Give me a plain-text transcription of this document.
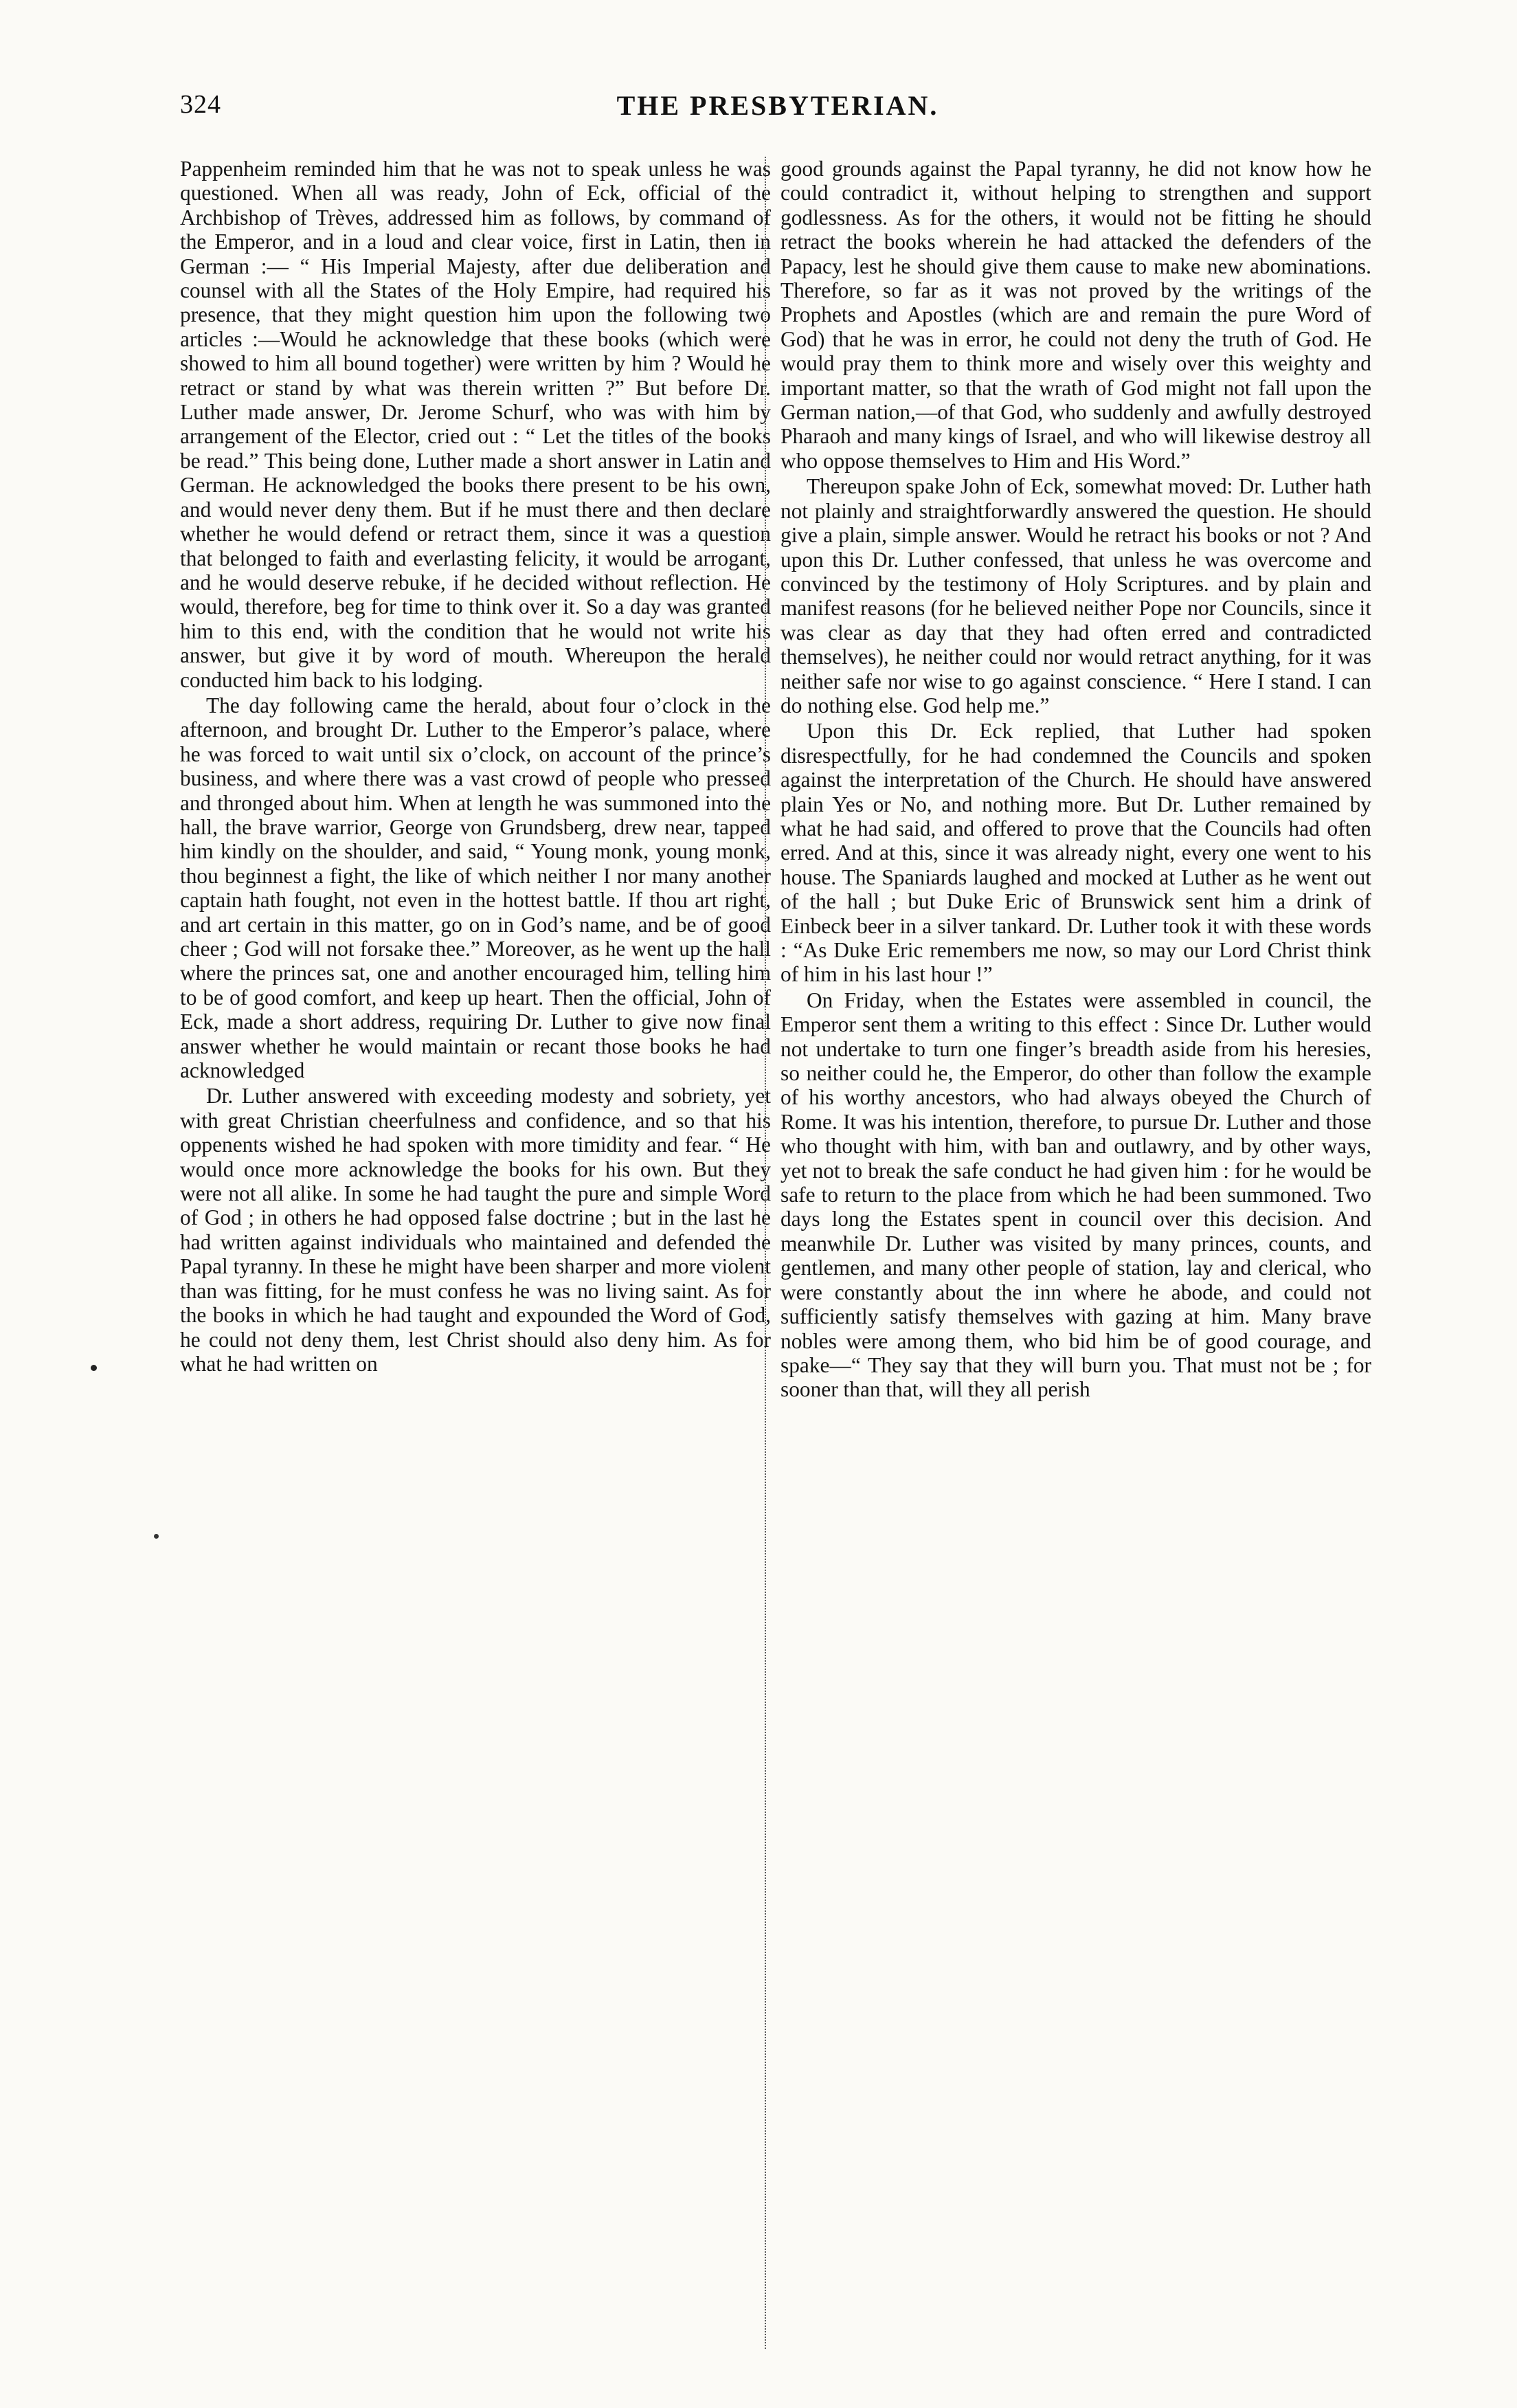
324	THE PRESBYTERIAN.

Pappenheim reminded him that he was not to speak unless he was questioned. When all was ready, John of Eck, official of the Archbishop of Trèves, addressed him as follows, by command of the Emperor, and in a loud and clear voice, first in Latin, then in German :— “ His Imperial Majesty, after due deliberation and counsel with all the States of the Holy Empire, had required his presence, that they might question him upon the following two articles :—Would he acknowledge that these books (which were showed to him all bound together) were written by him ? Would he retract or stand by what was therein written ?” But before Dr. Luther made answer, Dr. Jerome Schurf, who was with him by arrangement of the Elector, cried out : “ Let the titles of the books be read.” This being done, Luther made a short answer in Latin and German. He acknowledged the books there present to be his own, and would never deny them. But if he must there and then declare whether he would defend or retract them, since it was a question that belonged to faith and everlasting felicity, it would be arrogant, and he would deserve rebuke, if he decided without reflection. He would, therefore, beg for time to think over it. So a day was granted him to this end, with the condition that he would not write his answer, but give it by word of mouth. Whereupon the herald conducted him back to his lodging.

The day following came the herald, about four o’clock in the afternoon, and brought Dr. Luther to the Emperor’s palace, where he was forced to wait until six o’clock, on account of the prince’s business, and where there was a vast crowd of people who pressed and thronged about him. When at length he was summoned into the hall, the brave warrior, George von Grundsberg, drew near, tapped him kindly on the shoulder, and said, “ Young monk, young monk, thou beginnest a fight, the like of which neither I nor many another captain hath fought, not even in the hottest battle. If thou art right, and art certain in this matter, go on in God’s name, and be of good cheer ; God will not forsake thee.” Moreover, as he went up the hall where the princes sat, one and another encouraged him, telling him to be of good comfort, and keep up heart. Then the official, John of Eck, made a short address, requiring Dr. Luther to give now final answer whether he would maintain or recant those books he had acknowledged

Dr. Luther answered with exceeding modesty and sobriety, yet with great Christian cheerfulness and confidence, and so that his oppenents wished he had spoken with more timidity and fear. “ He would once more acknowledge the books for his own. But they were not all alike. In some he had taught the pure and simple Word of God ; in others he had opposed false doctrine ; but in the last he had written against individuals who maintained and defended the Papal tyranny. In these he might have been sharper and more violent than was fitting, for he must confess he was no living saint. As for the books in which he had taught and expounded the Word of God, he could not deny them, lest Christ should also deny him. As for what he had written on

good grounds against the Papal tyranny, he did not know how he could contradict it, without helping to strengthen and support godlessness. As for the others, it would not be fitting he should retract the books wherein he had attacked the defenders of the Papacy, lest he should give them cause to make new abominations. Therefore, so far as it was not proved by the writings of the Prophets and Apostles (which are and remain the pure Word of God) that he was in error, he could not deny the truth of God. He would pray them to think more and wisely over this weighty and important matter, so that the wrath of God might not fall upon the German nation,—of that God, who suddenly and awfully destroyed Pharaoh and many kings of Israel, and who will likewise destroy all who oppose themselves to Him and His Word.”

Thereupon spake John of Eck, somewhat moved: Dr. Luther hath not plainly and straightforwardly answered the question. He should give a plain, simple answer. Would he retract his books or not ? And upon this Dr. Luther confessed, that unless he was overcome and convinced by the testimony of Holy Scriptures. and by plain and manifest reasons (for he believed neither Pope nor Councils, since it was clear as day that they had often erred and contradicted themselves), he neither could nor would retract anything, for it was neither safe nor wise to go against conscience. “ Here I stand. I can do nothing else. God help me.”

Upon this Dr. Eck replied, that Luther had spoken disrespectfully, for he had condemned the Councils and spoken against the interpretation of the Church. He should have answered plain Yes or No, and nothing more. But Dr. Luther remained by what he had said, and offered to prove that the Councils had often erred. And at this, since it was already night, every one went to his house. The Spaniards laughed and mocked at Luther as he went out of the hall ; but Duke Eric of Brunswick sent him a drink of Einbeck beer in a silver tankard. Dr. Luther took it with these words : “As Duke Eric remembers me now, so may our Lord Christ think of him in his last hour !”

On Friday, when the Estates were assembled in council, the Emperor sent them a writing to this effect : Since Dr. Luther would not undertake to turn one finger’s breadth aside from his heresies, so neither could he, the Emperor, do other than follow the example of his worthy ancestors, who had always obeyed the Church of Rome. It was his intention, therefore, to pursue Dr. Luther and those who thought with him, with ban and outlawry, and by other ways, yet not to break the safe conduct he had given him : for he would be safe to return to the place from which he had been summoned. Two days long the Estates spent in council over this decision. And meanwhile Dr. Luther was visited by many princes, counts, and gentlemen, and many other people of station, lay and clerical, who were constantly about the inn where he abode, and could not sufficiently satisfy themselves with gazing at him. Many brave nobles were among them, who bid him be of good courage, and spake—“ They say that they will burn you. That must not be ; for sooner than that, will they all perish
